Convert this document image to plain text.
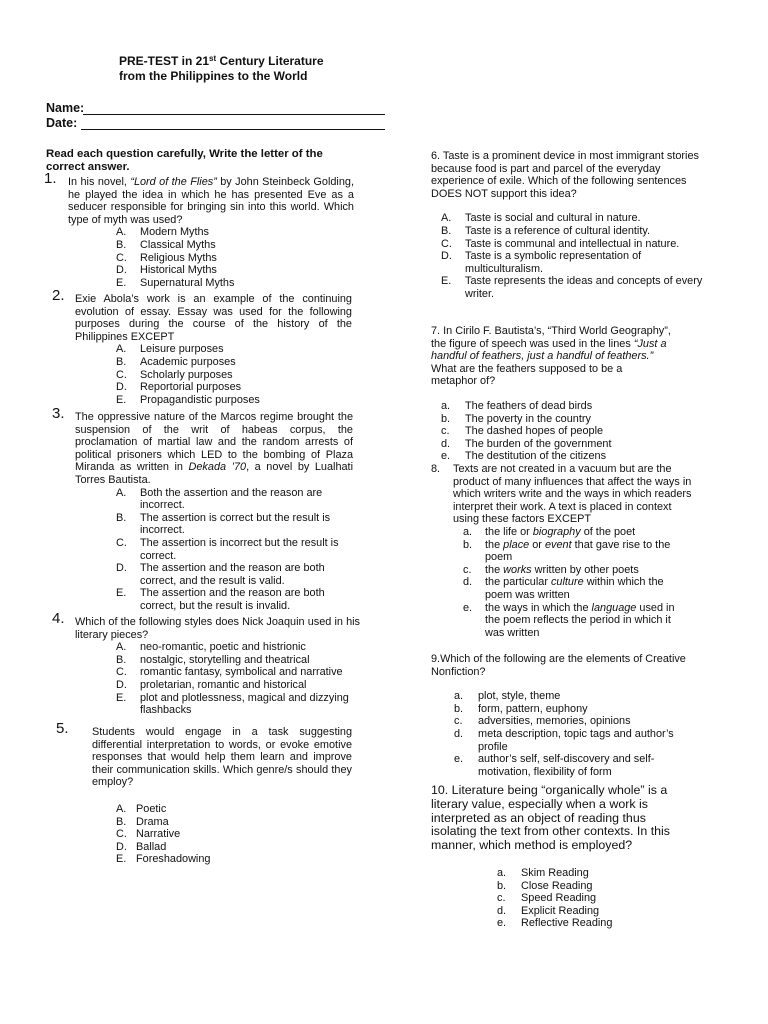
PRE-TEST in 21st Century Literature
from the Philippines to the World
Name:
Date:
Read each question carefully, Write the letter of the correct answer.
1. In his novel, “Lord of the Flies” by John Steinbeck Golding, he played the idea in which he has presented Eve as a seducer responsible for bringing sin into this world. Which type of myth was used?
A. Modern Myths
B. Classical Myths
C. Religious Myths
D. Historical Myths
E. Supernatural Myths
2. Exie Abola’s work is an example of the continuing evolution of essay. Essay was used for the following purposes during the course of the history of the Philippines EXCEPT
A. Leisure purposes
B. Academic purposes
C. Scholarly purposes
D. Reportorial purposes
E. Propagandistic purposes
3. The oppressive nature of the Marcos regime brought the suspension of the writ of habeas corpus, the proclamation of martial law and the random arrests of political prisoners which LED to the bombing of Plaza Miranda as written in Dekada ’70, a novel by Lualhati Torres Bautista.
A. Both the assertion and the reason are incorrect.
B. The assertion is correct but the result is incorrect.
C. The assertion is incorrect but the result is correct.
D. The assertion and the reason are both correct, and the result is valid.
E. The assertion and the reason are both correct, but the result is invalid.
4. Which of the following styles does Nick Joaquin used in his literary pieces?
A. neo-romantic, poetic and histrionic
B. nostalgic, storytelling and theatrical
C. romantic fantasy, symbolical and narrative
D. proletarian, romantic and historical
E. plot and plotlessness, magical and dizzying flashbacks
5. Students would engage in a task suggesting differential interpretation to words, or evoke emotive responses that would help them learn and improve their communication skills. Which genre/s should they employ?
A. Poetic
B. Drama
C. Narrative
D. Ballad
E. Foreshadowing
6. Taste is a prominent device in most immigrant stories because food is part and parcel of the everyday experience of exile. Which of the following sentences DOES NOT support this idea?
A. Taste is social and cultural in nature.
B. Taste is a reference of cultural identity.
C. Taste is communal and intellectual in nature.
D. Taste is a symbolic representation of multiculturalism.
E. Taste represents the ideas and concepts of every writer.
7. In Cirilo F. Bautista’s, “Third World Geography”, the figure of speech was used in the lines “Just a handful of feathers, just a handful of feathers.” What are the feathers supposed to be a metaphor of?
a. The feathers of dead birds
b. The poverty in the country
c. The dashed hopes of people
d. The burden of the government
e. The destitution of the citizens
8. Texts are not created in a vacuum but are the product of many influences that affect the ways in which writers write and the ways in which readers interpret their work. A text is placed in context using these factors EXCEPT
a. the life or biography of the poet
b. the place or event that gave rise to the poem
c. the works written by other poets
d. the particular culture within which the poem was written
e. the ways in which the language used in the poem reflects the period in which it was written
9.Which of the following are the elements of Creative Nonfiction?
a. plot, style, theme
b. form, pattern, euphony
c. adversities, memories, opinions
d. meta description, topic tags and author’s profile
e. author’s self, self-discovery and self-motivation, flexibility of form
10. Literature being “organically whole” is a literary value, especially when a work is interpreted as an object of reading thus isolating the text from other contexts. In this manner, which method is employed?
a. Skim Reading
b. Close Reading
c. Speed Reading
d. Explicit Reading
e. Reflective Reading
